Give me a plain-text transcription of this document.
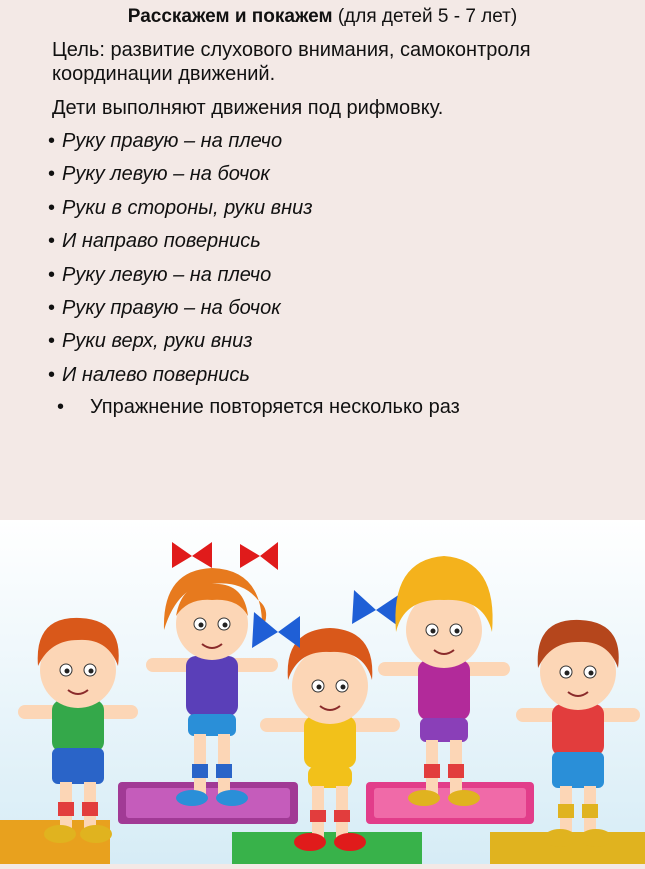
Расскажем и покажем (для детей 5 - 7 лет)
Цель: развитие слухового внимания, самоконтроля координации движений.
Дети выполняют движения под рифмовку.
• Руку правую – на плечо
• Руку левую – на бочок
• Руки в стороны, руки вниз
• И направо повернись
• Руку левую – на плечо
• Руку правую – на бочок
• Руки верх, руки вниз
• И налево повернись
• Упражнение повторяется несколько раз
